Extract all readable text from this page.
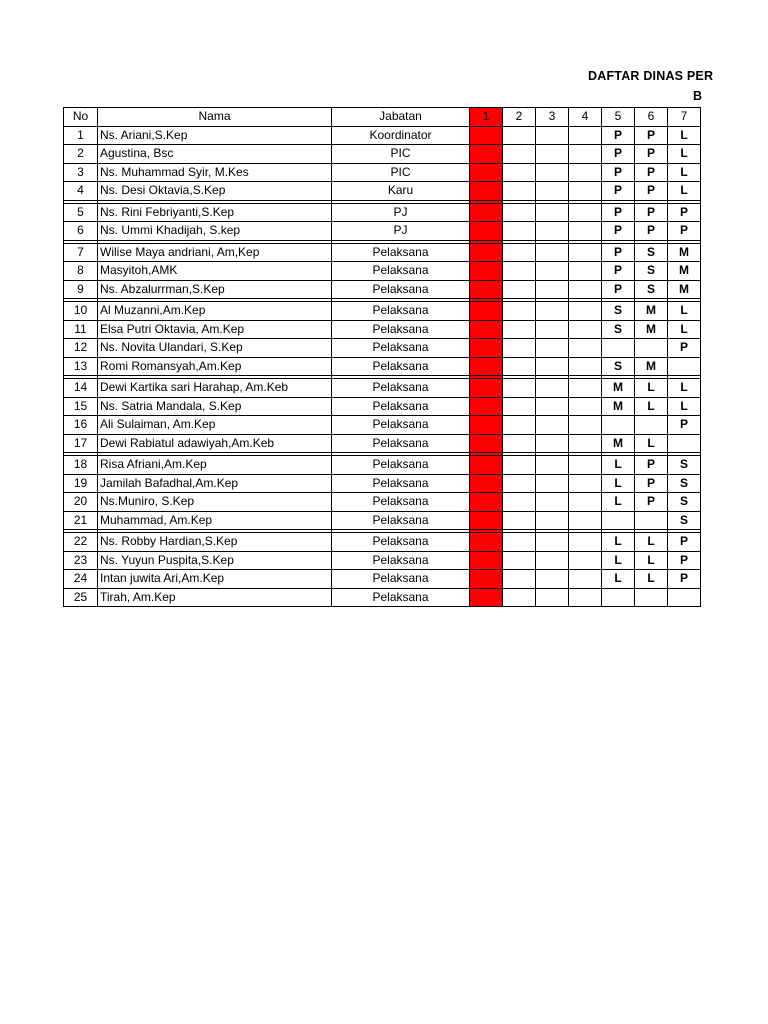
DAFTAR DINAS PER
B
No	Nama	Jabatan	1	2	3	4	5	6	7
1	Ns. Ariani,S.Kep	Koordinator					P	P	L
2	Agustina, Bsc	PIC					P	P	L
3	Ns. Muhammad Syir, M.Kes	PIC					P	P	L
4	Ns. Desi Oktavia,S.Kep	Karu					P	P	L

5	Ns. Rini Febriyanti,S.Kep	PJ					P	P	P
6	Ns. Ummi Khadijah, S.kep	PJ					P	P	P

7	Wilise Maya andriani, Am,Kep	Pelaksana					P	S	M
8	Masyitoh,AMK	Pelaksana					P	S	M
9	Ns. Abzalurrman,S.Kep	Pelaksana					P	S	M

10	Al Muzanni,Am.Kep	Pelaksana					S	M	L
11	Elsa Putri Oktavia, Am.Kep	Pelaksana					S	M	L
12	Ns. Novita Ulandari, S.Kep	Pelaksana							P
13	Romi Romansyah,Am.Kep	Pelaksana					S	M	

14	Dewi Kartika sari Harahap, Am.Keb	Pelaksana					M	L	L
15	Ns. Satria Mandala, S.Kep	Pelaksana					M	L	L
16	Ali Sulaiman, Am.Kep	Pelaksana							P
17	Dewi Rabiatul adawiyah,Am.Keb	Pelaksana					M	L	

18	Risa Afriani,Am.Kep	Pelaksana					L	P	S
19	Jamilah Bafadhal,Am.Kep	Pelaksana					L	P	S
20	Ns.Muniro, S.Kep	Pelaksana					L	P	S
21	Muhammad, Am.Kep	Pelaksana							S

22	Ns. Robby Hardian,S.Kep	Pelaksana					L	L	P
23	Ns. Yuyun Puspita,S.Kep	Pelaksana					L	L	P
24	Intan juwita Ari,Am.Kep	Pelaksana					L	L	P
25	Tirah, Am.Kep	Pelaksana							
